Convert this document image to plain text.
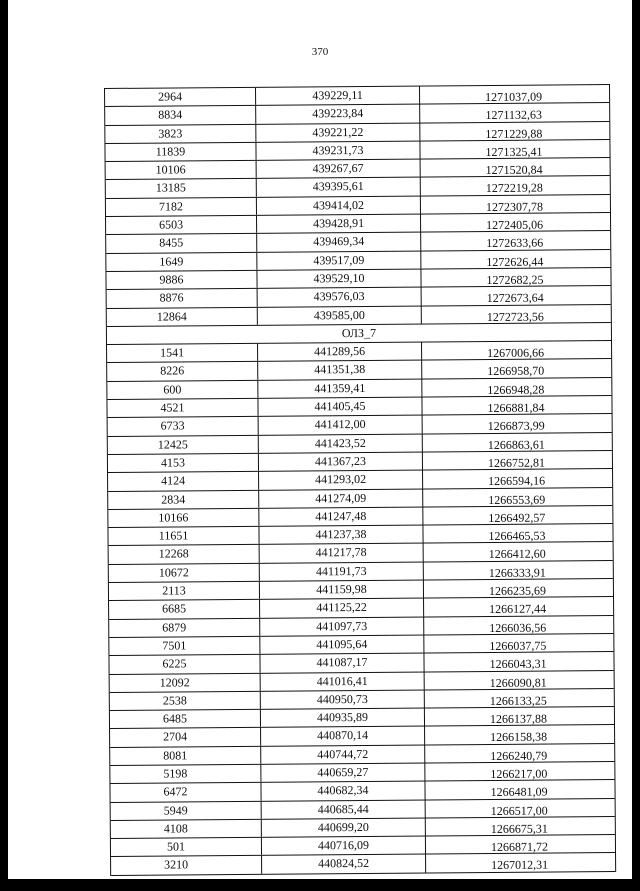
370
2964	439229,11	1271037,09
8834	439223,84	1271132,63
3823	439221,22	1271229,88
11839	439231,73	1271325,41
10106	439267,67	1271520,84
13185	439395,61	1272219,28
7182	439414,02	1272307,78
6503	439428,91	1272405,06
8455	439469,34	1272633,66
1649	439517,09	1272626,44
9886	439529,10	1272682,25
8876	439576,03	1272673,64
12864	439585,00	1272723,56
ОЛЗ_7
1541	441289,56	1267006,66
8226	441351,38	1266958,70
600	441359,41	1266948,28
4521	441405,45	1266881,84
6733	441412,00	1266873,99
12425	441423,52	1266863,61
4153	441367,23	1266752,81
4124	441293,02	1266594,16
2834	441274,09	1266553,69
10166	441247,48	1266492,57
11651	441237,38	1266465,53
12268	441217,78	1266412,60
10672	441191,73	1266333,91
2113	441159,98	1266235,69
6685	441125,22	1266127,44
6879	441097,73	1266036,56
7501	441095,64	1266037,75
6225	441087,17	1266043,31
12092	441016,41	1266090,81
2538	440950,73	1266133,25
6485	440935,89	1266137,88
2704	440870,14	1266158,38
8081	440744,72	1266240,79
5198	440659,27	1266217,00
6472	440682,34	1266481,09
5949	440685,44	1266517,00
4108	440699,20	1266675,31
501	440716,09	1266871,72
3210	440824,52	1267012,31
